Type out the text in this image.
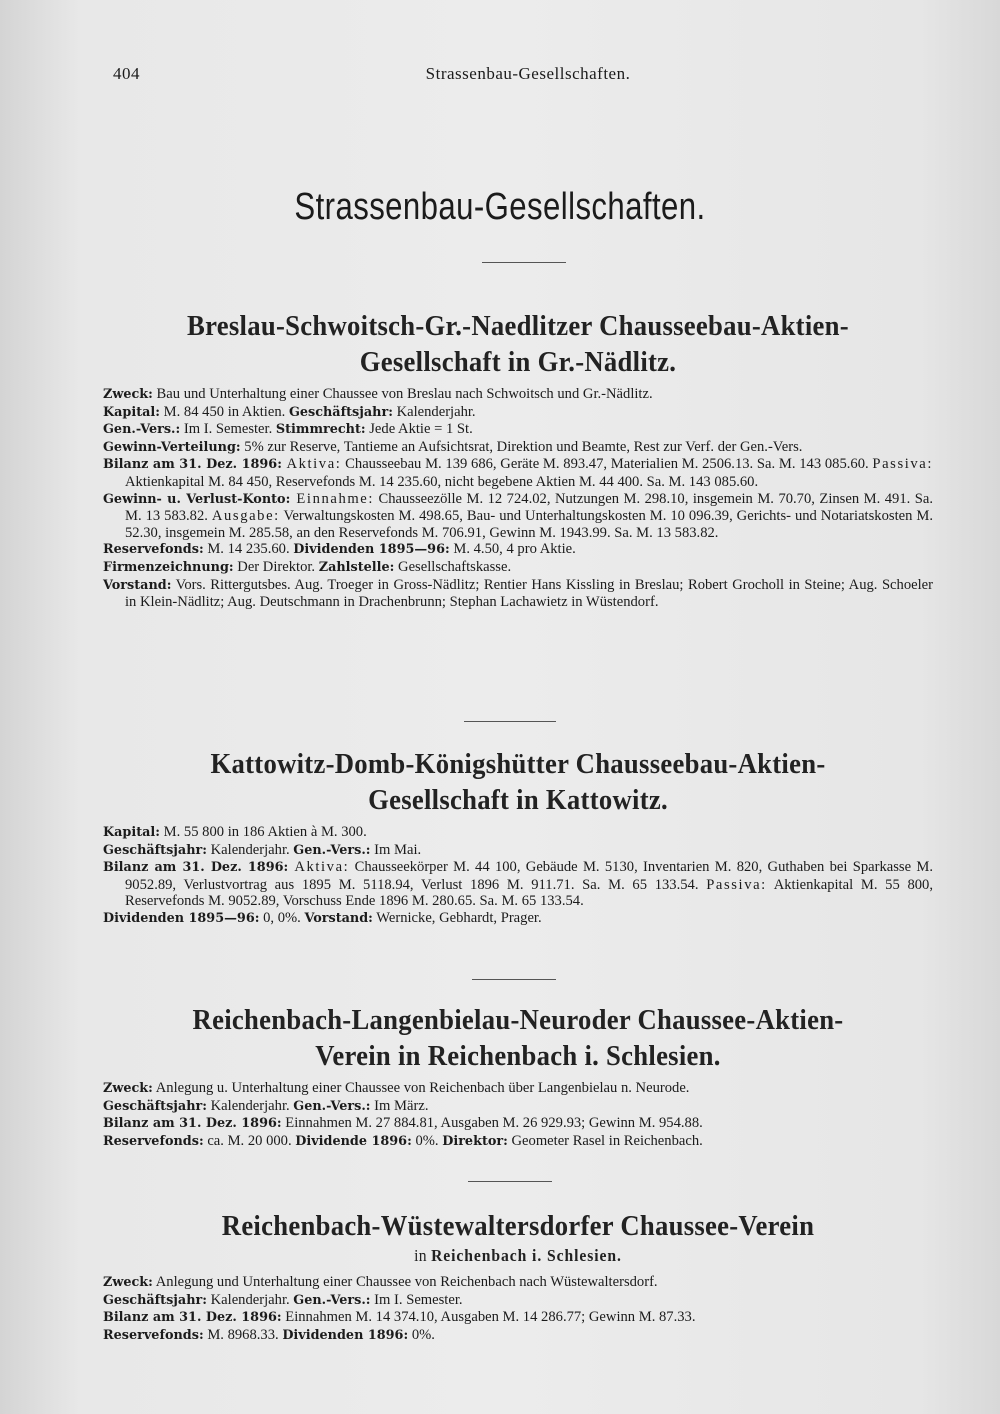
404	Strassenbau-Gesellschaften.
Strassenbau-Gesellschaften.
Breslau-Schwoitsch-Gr.-Naedlitzer Chausseebau-Aktien-
Gesellschaft in Gr.-Nädlitz.

Zweck: Bau und Unterhaltung einer Chaussee von Breslau nach Schwoitsch und Gr.-Nädlitz.

Kapital: M. 84 450 in Aktien. Geschäftsjahr: Kalenderjahr.

Gen.-Vers.: Im I. Semester. Stimmrecht: Jede Aktie = 1 St.

Gewinn-Verteilung: 5% zur Reserve, Tantieme an Aufsichtsrat, Direktion und Beamte, Rest zur Verf. der Gen.-Vers.

Bilanz am 31. Dez. 1896: Aktiva: Chausseebau M. 139 686, Geräte M. 893.47, Materialien M. 2506.13. Sa. M. 143 085.60. Passiva: Aktienkapital M. 84 450, Reservefonds M. 14 235.60, nicht begebene Aktien M. 44 400. Sa. M. 143 085.60.

Gewinn- u. Verlust-Konto: Einnahme: Chausseezölle M. 12 724.02, Nutzungen M. 298.10, insgemein M. 70.70, Zinsen M. 491. Sa. M. 13 583.82. Ausgabe: Verwaltungskosten M. 498.65, Bau- und Unterhaltungskosten M. 10 096.39, Gerichts- und Notariatskosten M. 52.30, insgemein M. 285.58, an den Reservefonds M. 706.91, Gewinn M. 1943.99. Sa. M. 13 583.82.

Reservefonds: M. 14 235.60. Dividenden 1895—96: M. 4.50, 4 pro Aktie.

Firmenzeichnung: Der Direktor. Zahlstelle: Gesellschaftskasse.

Vorstand: Vors. Rittergutsbes. Aug. Troeger in Gross-Nädlitz; Rentier Hans Kissling in Breslau; Robert Grocholl in Steine; Aug. Schoeler in Klein-Nädlitz; Aug. Deutschmann in Drachenbrunn; Stephan Lachawietz in Wüstendorf.

Kattowitz-Domb-Königshütter Chausseebau-Aktien-
Gesellschaft in Kattowitz.

Kapital: M. 55 800 in 186 Aktien à M. 300.

Geschäftsjahr: Kalenderjahr. Gen.-Vers.: Im Mai.

Bilanz am 31. Dez. 1896: Aktiva: Chausseekörper M. 44 100, Gebäude M. 5130, Inventarien M. 820, Guthaben bei Sparkasse M. 9052.89, Verlustvortrag aus 1895 M. 5118.94, Verlust 1896 M. 911.71. Sa. M. 65 133.54. Passiva: Aktienkapital M. 55 800, Reservefonds M. 9052.89, Vorschuss Ende 1896 M. 280.65. Sa. M. 65 133.54.

Dividenden 1895—96: 0, 0%. Vorstand: Wernicke, Gebhardt, Prager.

Reichenbach-Langenbielau-Neuroder Chaussee-Aktien-
Verein in Reichenbach i. Schlesien.

Zweck: Anlegung u. Unterhaltung einer Chaussee von Reichenbach über Langenbielau n. Neurode.

Geschäftsjahr: Kalenderjahr. Gen.-Vers.: Im März.

Bilanz am 31. Dez. 1896: Einnahmen M. 27 884.81, Ausgaben M. 26 929.93; Gewinn M. 954.88.

Reservefonds: ca. M. 20 000. Dividende 1896: 0%. Direktor: Geometer Rasel in Reichenbach.

Reichenbach-Wüstewaltersdorfer Chaussee-Verein
in Reichenbach i. Schlesien.

Zweck: Anlegung und Unterhaltung einer Chaussee von Reichenbach nach Wüstewaltersdorf.

Geschäftsjahr: Kalenderjahr. Gen.-Vers.: Im I. Semester.

Bilanz am 31. Dez. 1896: Einnahmen M. 14 374.10, Ausgaben M. 14 286.77; Gewinn M. 87.33.

Reservefonds: M. 8968.33. Dividenden 1896: 0%.
